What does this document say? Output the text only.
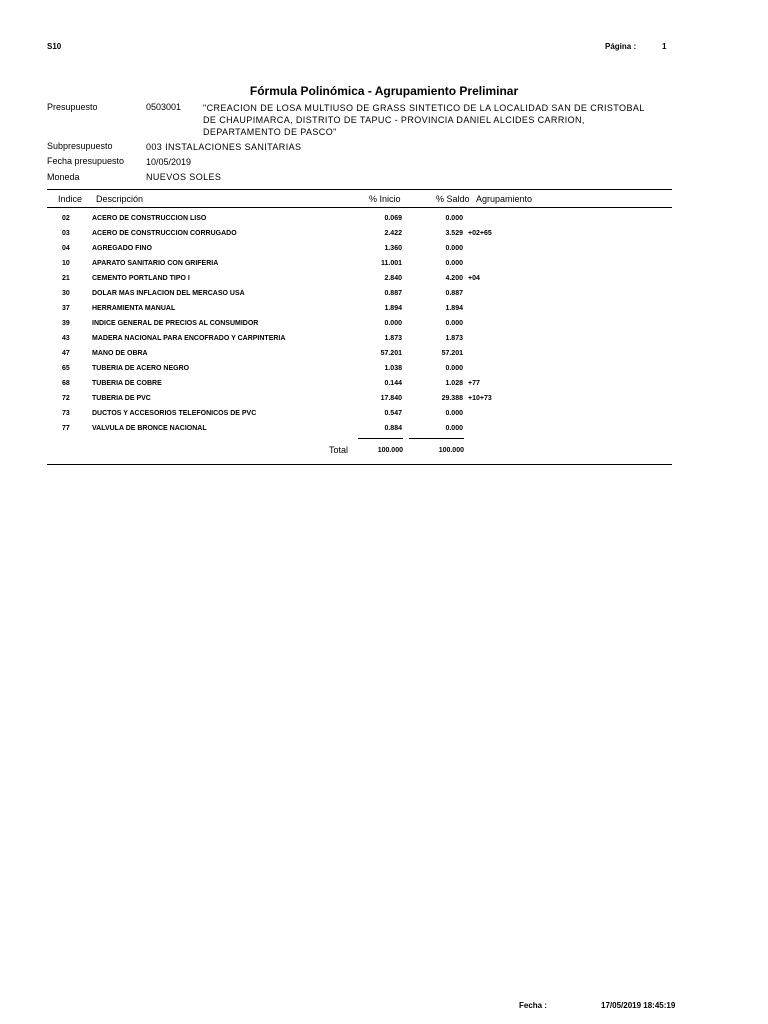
S10	Página :	1
Fórmula Polinómica - Agrupamiento Preliminar
Presupuesto	0503001 "CREACION DE LOSA MULTIUSO DE GRASS SINTETICO DE LA LOCALIDAD SAN DE CRISTOBAL
DE CHAUPIMARCA, DISTRITO DE TAPUC - PROVINCIA DANIEL ALCIDES CARRION,
DEPARTAMENTO DE PASCO"
Subpresupuesto	003 INSTALACIONES SANITARIAS
Fecha presupuesto 10/05/2019
Moneda	NUEVOS SOLES
Indice Descripción	% Inicio	% Saldo Agrupamiento
02	ACERO DE CONSTRUCCION LISO	0.069	0.000
03	ACERO DE CONSTRUCCION CORRUGADO	2.422	3.529 +02+65
04	AGREGADO FINO	1.360	0.000
10	APARATO SANITARIO CON GRIFERIA	11.001	0.000
21	CEMENTO PORTLAND TIPO I	2.840	4.200 +04
30	DOLAR MAS INFLACION DEL MERCASO USA	0.887	0.887
37	HERRAMIENTA MANUAL	1.894	1.894
39	INDICE GENERAL DE PRECIOS AL CONSUMIDOR	0.000	0.000
43	MADERA NACIONAL PARA ENCOFRADO Y CARPINTERIA	1.873	1.873
47	MANO DE OBRA	57.201	57.201
65	TUBERIA DE ACERO NEGRO	1.038	0.000
68	TUBERIA DE COBRE	0.144	1.028 +77
72	TUBERIA DE PVC	17.840	29.388 +10+73
73	DUCTOS Y ACCESORIOS TELEFONICOS DE PVC	0.547	0.000
77	VALVULA DE BRONCE NACIONAL	0.884	0.000
Total	100.000	100.000
Fecha :	17/05/2019 18:45:19
